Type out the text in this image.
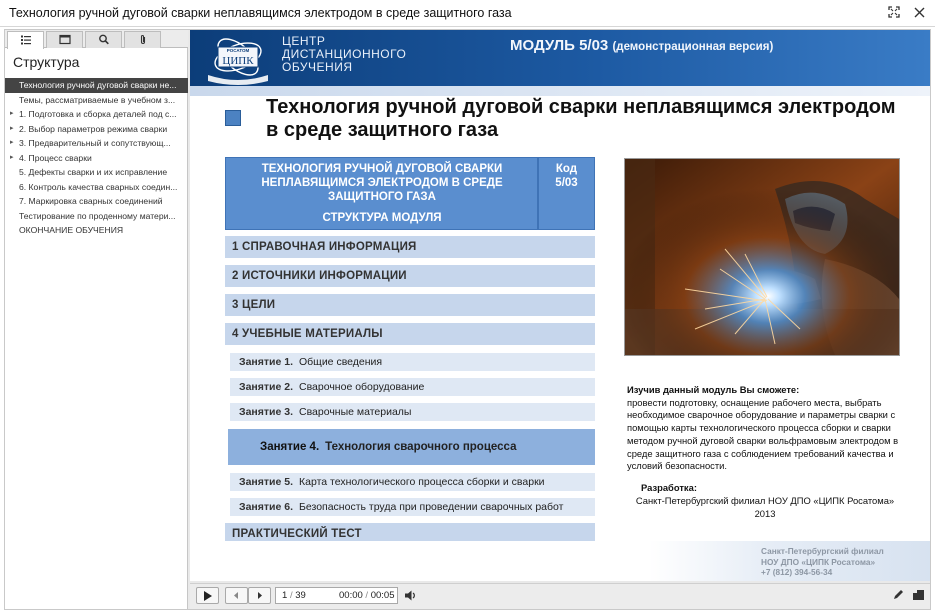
Технология ручной дуговой сварки неплавящимся электродом в среде защитного газа
Структура
Технология ручной дуговой сварки не...
Темы, рассматриваемые в учебном з...
▸ 1. Подготовка и сборка деталей под с...
▸ 2. Выбор параметров режима сварки
▸ 3. Предварительный и сопутствующ...
▸ 4. Процесс сварки
5. Дефекты сварки и их исправление
6. Контроль качества сварных соедин...
7. Маркировка сварных соединений
Тестирование по проденному матери...
ОКОНЧАНИЕ ОБУЧЕНИЯ
РОСАТОМ
ЦИПК
ЦЕНТР
ДИСТАНЦИОННОГО
ОБУЧЕНИЯ
МОДУЛЬ 5/03 (демонстрационная версия)
Технология ручной дуговой сварки неплавящимся электродом в среде защитного газа
ТЕХНОЛОГИЯ РУЧНОЙ ДУГОВОЙ СВАРКИ НЕПЛАВЯЩИМСЯ ЭЛЕКТРОДОМ В СРЕДЕ ЗАЩИТНОГО ГАЗА
СТРУКТУРА МОДУЛЯ
Код
5/03
1 СПРАВОЧНАЯ ИНФОРМАЦИЯ
2 ИСТОЧНИКИ ИНФОРМАЦИИ
3 ЦЕЛИ
4 УЧЕБНЫЕ МАТЕРИАЛЫ
Занятие 1. Общие сведения
Занятие 2. Сварочное оборудование
Занятие 3. Сварочные материалы
Занятие 4. Технология сварочного процесса
Занятие 5. Карта технологического процесса сборки и сварки
Занятие 6. Безопасность труда при проведении сварочных работ
ПРАКТИЧЕСКИЙ ТЕСТ
Изучив данный модуль Вы сможете:
провести подготовку, оснащение рабочего места, выбрать необходимое сварочное оборудование и параметры сварки с помощью карты технологического процесса сборки и сварки методом ручной дуговой сварки вольфрамовым электродом в среде защитного газа с соблюдением требований качества и условий безопасности.
Разработка:
Санкт-Петербургский филиал НОУ ДПО «ЦИПК Росатома»
2013
Санкт-Петербургский филиал
НОУ ДПО «ЦИПК Росатома»
+7 (812) 394-56-34
1 / 39	00:00 / 00:05
